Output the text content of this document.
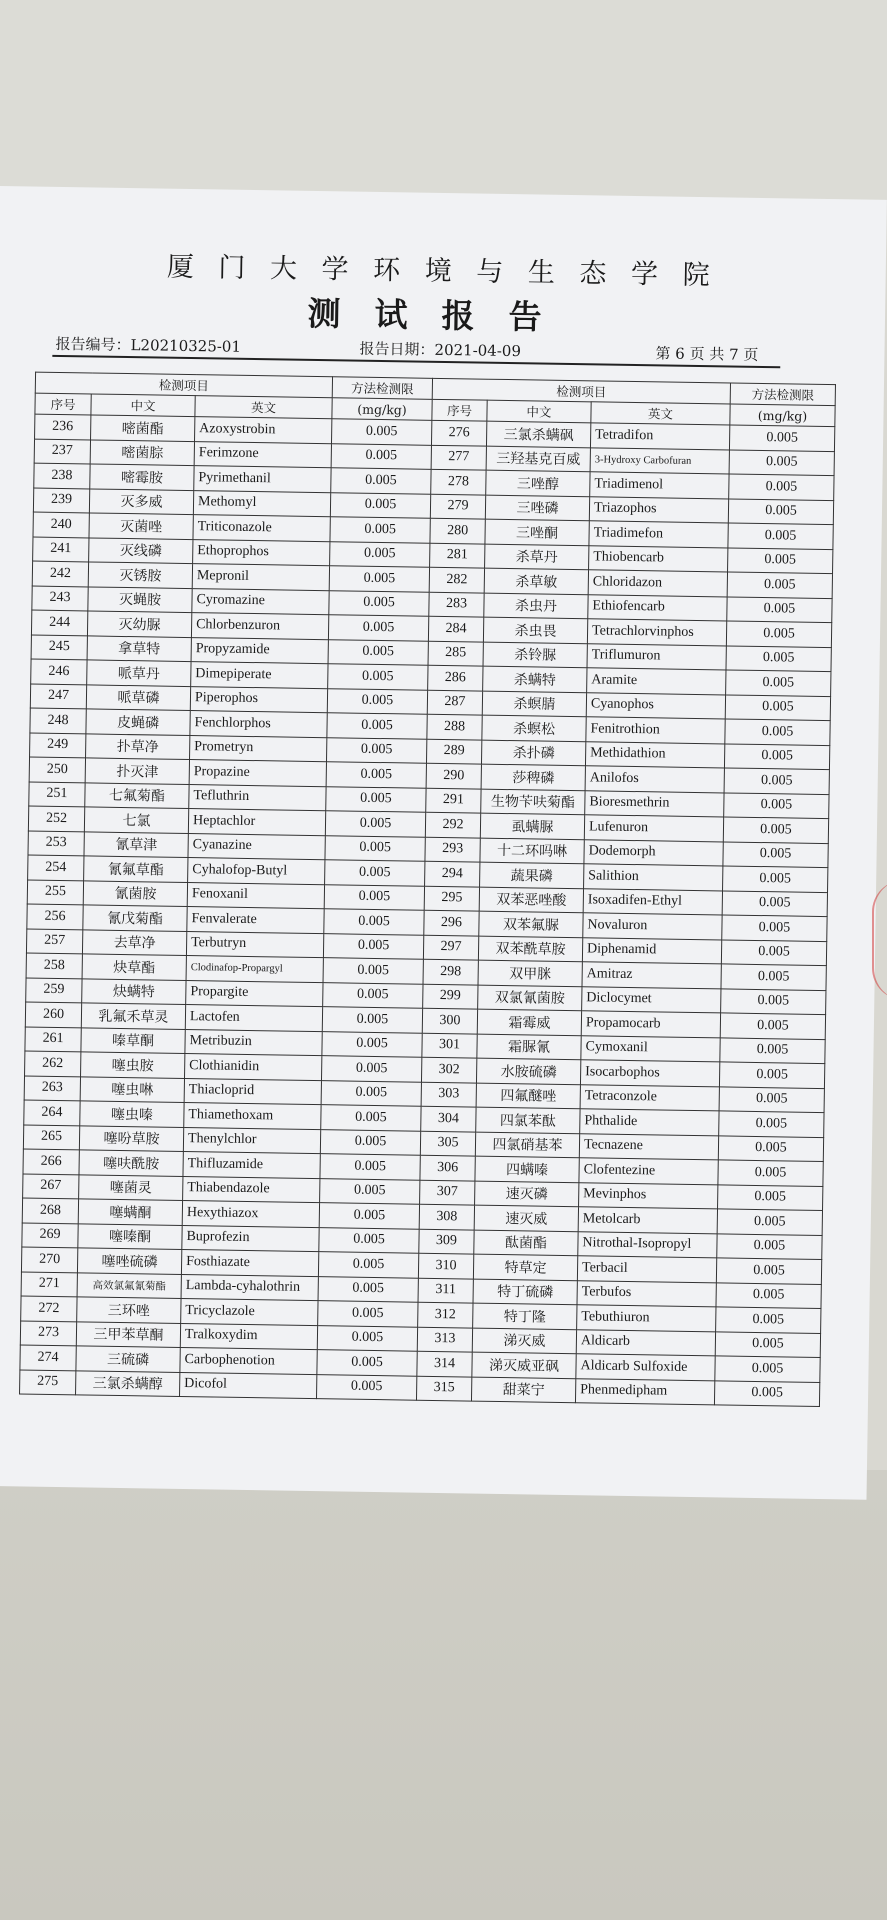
厦 门 大 学 环 境 与 生 态 学 院
测试报告
报告编号：L20210325-01	报告日期：2021-04-09	第 6 页 共 7 页
检测项目			方法检测限	检测项目			方法检测限
序号	中文	英文	(mg/kg)	序号	中文	英文	(mg/kg)
236	嘧菌酯	Azoxystrobin	0.005	276	三氯杀螨砜	Tetradifon	0.005
237	嘧菌腙	Ferimzone	0.005	277	三羟基克百威	3-Hydroxy Carbofuran	0.005
238	嘧霉胺	Pyrimethanil	0.005	278	三唑醇	Triadimenol	0.005
239	灭多威	Methomyl	0.005	279	三唑磷	Triazophos	0.005
240	灭菌唑	Triticonazole	0.005	280	三唑酮	Triadimefon	0.005
241	灭线磷	Ethoprophos	0.005	281	杀草丹	Thiobencarb	0.005
242	灭锈胺	Mepronil	0.005	282	杀草敏	Chloridazon	0.005
243	灭蝇胺	Cyromazine	0.005	283	杀虫丹	Ethiofencarb	0.005
244	灭幼脲	Chlorbenzuron	0.005	284	杀虫畏	Tetrachlorvinphos	0.005
245	拿草特	Propyzamide	0.005	285	杀铃脲	Triflumuron	0.005
246	哌草丹	Dimepiperate	0.005	286	杀螨特	Aramite	0.005
247	哌草磷	Piperophos	0.005	287	杀螟腈	Cyanophos	0.005
248	皮蝇磷	Fenchlorphos	0.005	288	杀螟松	Fenitrothion	0.005
249	扑草净	Prometryn	0.005	289	杀扑磷	Methidathion	0.005
250	扑灭津	Propazine	0.005	290	莎稗磷	Anilofos	0.005
251	七氟菊酯	Tefluthrin	0.005	291	生物苄呋菊酯	Bioresmethrin	0.005
252	七氯	Heptachlor	0.005	292	虱螨脲	Lufenuron	0.005
253	氰草津	Cyanazine	0.005	293	十二环吗啉	Dodemorph	0.005
254	氰氟草酯	Cyhalofop-Butyl	0.005	294	蔬果磷	Salithion	0.005
255	氰菌胺	Fenoxanil	0.005	295	双苯恶唑酸	Isoxadifen-Ethyl	0.005
256	氰戊菊酯	Fenvalerate	0.005	296	双苯氟脲	Novaluron	0.005
257	去草净	Terbutryn	0.005	297	双苯酰草胺	Diphenamid	0.005
258	炔草酯	Clodinafop-Propargyl	0.005	298	双甲脒	Amitraz	0.005
259	炔螨特	Propargite	0.005	299	双氯氰菌胺	Diclocymet	0.005
260	乳氟禾草灵	Lactofen	0.005	300	霜霉威	Propamocarb	0.005
261	嗪草酮	Metribuzin	0.005	301	霜脲氰	Cymoxanil	0.005
262	噻虫胺	Clothianidin	0.005	302	水胺硫磷	Isocarbophos	0.005
263	噻虫啉	Thiacloprid	0.005	303	四氟醚唑	Tetraconzole	0.005
264	噻虫嗪	Thiamethoxam	0.005	304	四氯苯酞	Phthalide	0.005
265	噻吩草胺	Thenylchlor	0.005	305	四氯硝基苯	Tecnazene	0.005
266	噻呋酰胺	Thifluzamide	0.005	306	四螨嗪	Clofentezine	0.005
267	噻菌灵	Thiabendazole	0.005	307	速灭磷	Mevinphos	0.005
268	噻螨酮	Hexythiazox	0.005	308	速灭威	Metolcarb	0.005
269	噻嗪酮	Buprofezin	0.005	309	酞菌酯	Nitrothal-Isopropyl	0.005
270	噻唑硫磷	Fosthiazate	0.005	310	特草定	Terbacil	0.005
271	高效氯氟氰菊酯	Lambda-cyhalothrin	0.005	311	特丁硫磷	Terbufos	0.005
272	三环唑	Tricyclazole	0.005	312	特丁隆	Tebuthiuron	0.005
273	三甲苯草酮	Tralkoxydim	0.005	313	涕灭威	Aldicarb	0.005
274	三硫磷	Carbophenotion	0.005	314	涕灭威亚砜	Aldicarb Sulfoxide	0.005
275	三氯杀螨醇	Dicofol	0.005	315	甜菜宁	Phenmedipham	0.005
